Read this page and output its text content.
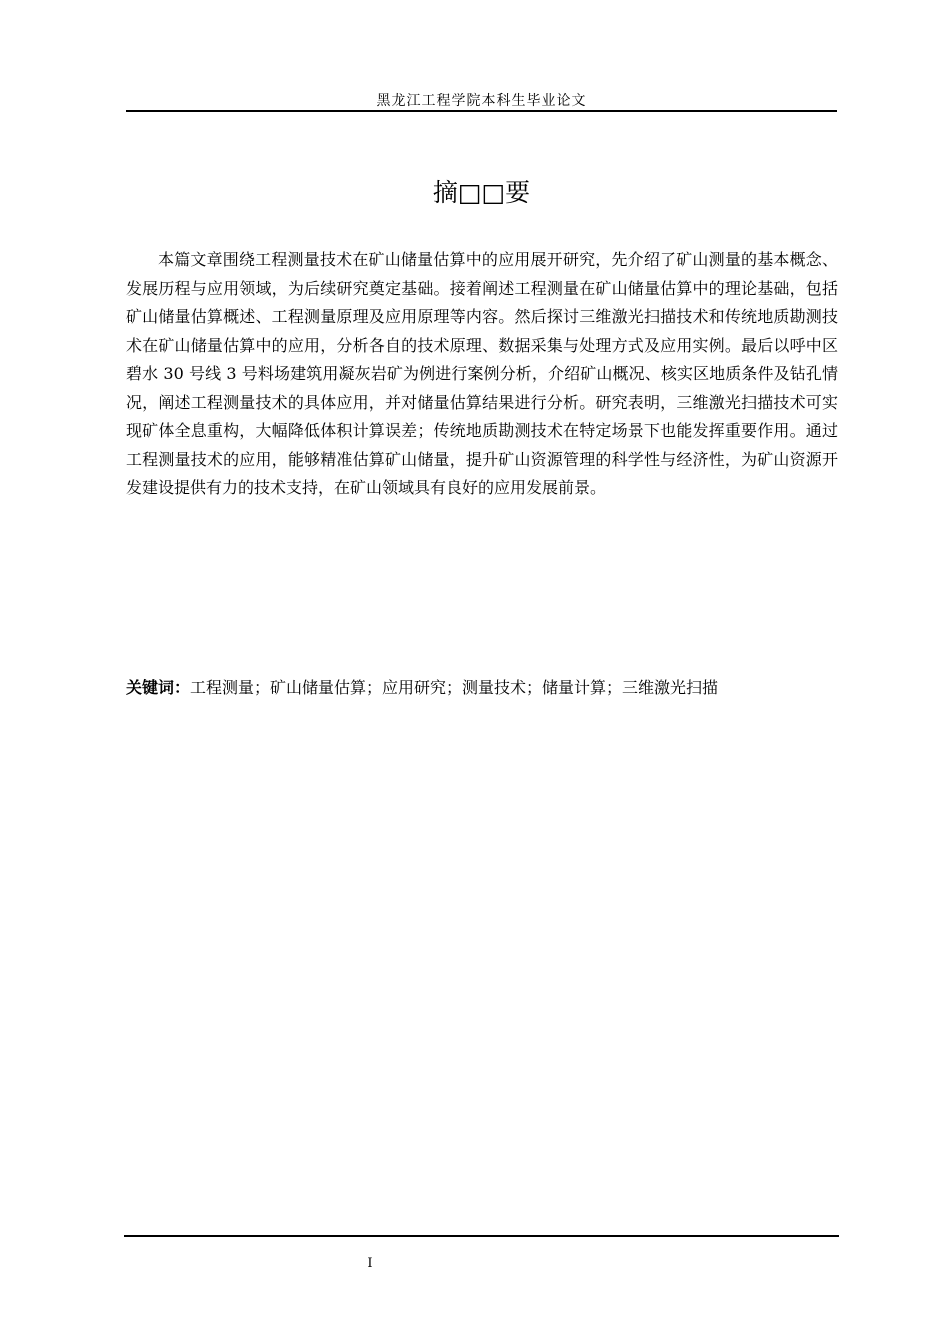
黑龙江工程学院本科生毕业论文
摘□□要

本篇文章围绕工程测量技术在矿山储量估算中的应用展开研究，先介绍了矿山测量的基本概念、发展历程与应用领域，为后续研究奠定基础。接着阐述工程测量在矿山储量估算中的理论基础，包括矿山储量估算概述、工程测量原理及应用原理等内容。然后探讨三维激光扫描技术和传统地质勘测技术在矿山储量估算中的应用，分析各自的技术原理、数据采集与处理方式及应用实例。最后以呼中区碧水 30 号线 3 号料场建筑用凝灰岩矿为例进行案例分析，介绍矿山概况、核实区地质条件及钻孔情况，阐述工程测量技术的具体应用，并对储量估算结果进行分析。研究表明，三维激光扫描技术可实现矿体全息重构，大幅降低体积计算误差；传统地质勘测技术在特定场景下也能发挥重要作用。通过工程测量技术的应用，能够精准估算矿山储量，提升矿山资源管理的科学性与经济性，为矿山资源开发建设提供有力的技术支持，在矿山领域具有良好的应用发展前景。

关键词：工程测量；矿山储量估算；应用研究；测量技术；储量计算；三维激光扫描

I
